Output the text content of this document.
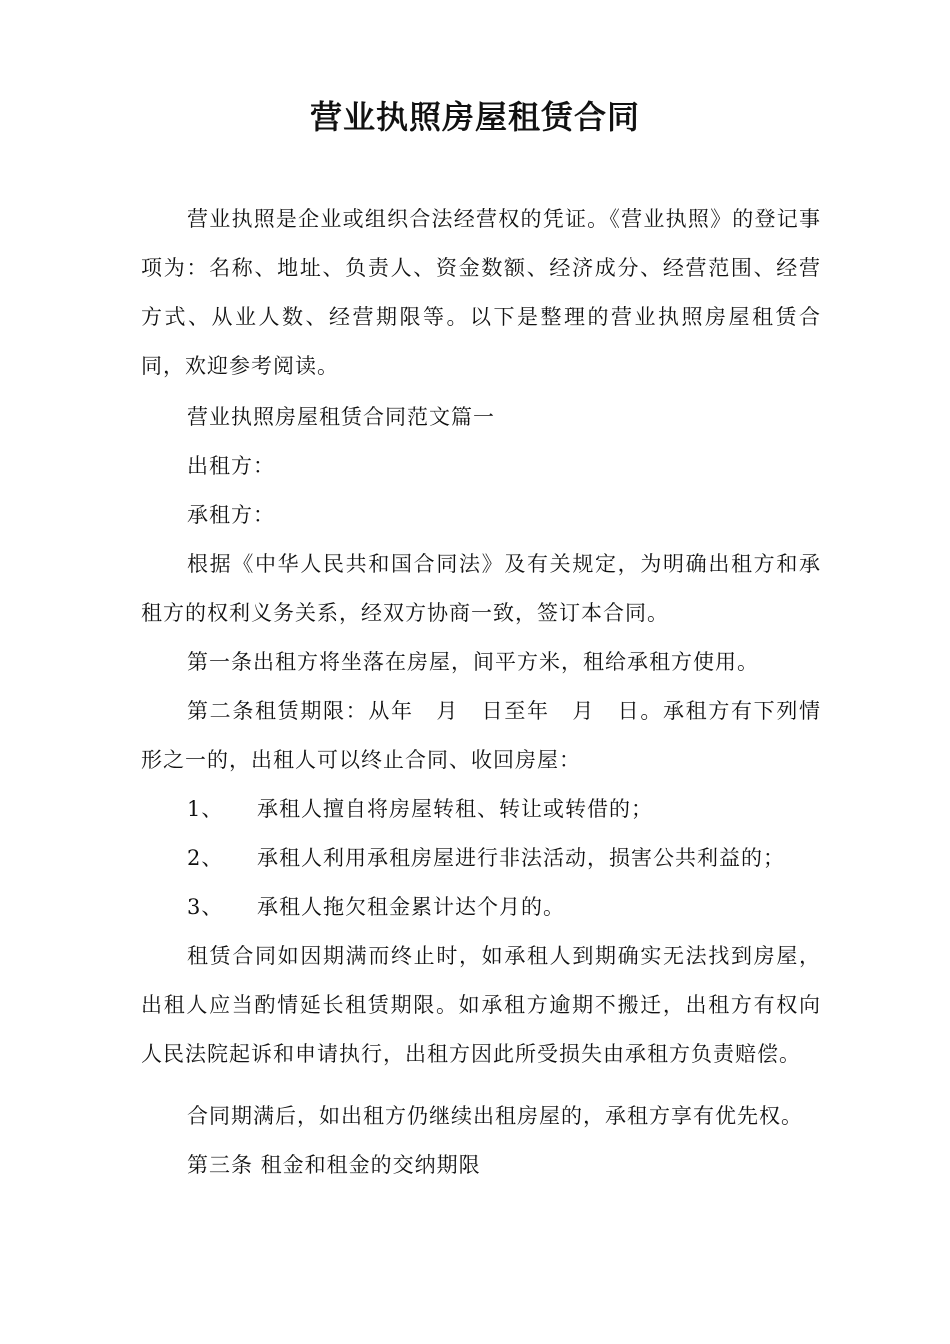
营业执照房屋租赁合同

营业执照是企业或组织合法经营权的凭证。《营业执照》的登记事项为：名称、地址、负责人、资金数额、经济成分、经营范围、经营方式、从业人数、经营期限等。以下是整理的营业执照房屋租赁合同，欢迎参考阅读。

营业执照房屋租赁合同范文篇一

出租方：

承租方：

根据《中华人民共和国合同法》及有关规定，为明确出租方和承租方的权利义务关系，经双方协商一致，签订本合同。

第一条出租方将坐落在房屋，间平方米，租给承租方使用。

第二条租赁期限：从年　月　日至年　月　日。承租方有下列情　形之一的，出租人可以终止合同、收回房屋：

1、 承租人擅自将房屋转租、转让或转借的；
2、 承租人利用承租房屋进行非法活动，损害公共利益的；
3、 承租人拖欠租金累计达个月的。

租赁合同如因期满而终止时，如承租人到期确实无法找到房屋，出租人应当酌情延长租赁期限。如承租方逾期不搬迁，出租方有权向人民法院起诉和申请执行，出租方因此所受损失由承租方负责赔偿。

合同期满后，如出租方仍继续出租房屋的，承租方享有优先权。

第三条 租金和租金的交纳期限
